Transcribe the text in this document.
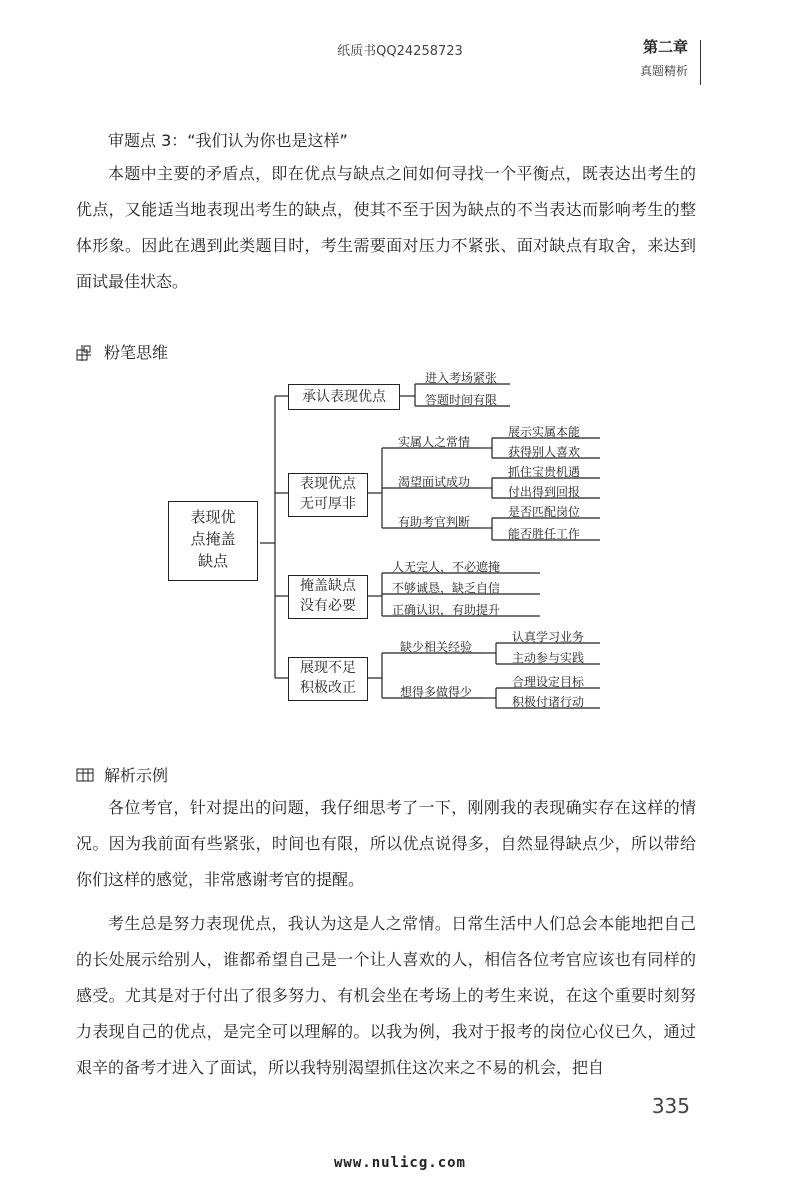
纸质书QQ24258723	第二章
真题精析
审题点 3：“我们认为你也是这样”

本题中主要的矛盾点，即在优点与缺点之间如何寻找一个平衡点，既表达出考生的优点，又能适当地表现出考生的缺点，使其不至于因为缺点的不当表达而影响考生的整体形象。因此在遇到此类题目时，考生需要面对压力不紧张、面对缺点有取舍，来达到面试最佳状态。

粉笔思维
表现优
点掩盖
缺点
承认表现优点
进入考场紧张
答题时间有限
表现优点
无可厚非
实属人之常情
渴望面试成功
有助考官判断
展示实属本能
获得别人喜欢
抓住宝贵机遇
付出得到回报
是否匹配岗位
能否胜任工作
掩盖缺点
没有必要
人无完人，不必遮掩
不够诚恳，缺乏自信
正确认识，有助提升
展现不足
积极改正
缺少相关经验
想得多做得少
认真学习业务
主动参与实践
合理设定目标
积极付诸行动
解析示例

各位考官，针对提出的问题，我仔细思考了一下，刚刚我的表现确实存在这样的情况。因为我前面有些紧张，时间也有限，所以优点说得多，自然显得缺点少，所以带给你们这样的感觉，非常感谢考官的提醒。

考生总是努力表现优点，我认为这是人之常情。日常生活中人们总会本能地把自己的长处展示给别人，谁都希望自己是一个让人喜欢的人，相信各位考官应该也有同样的感受。尤其是对于付出了很多努力、有机会坐在考场上的考生来说，在这个重要时刻努力表现自己的优点，是完全可以理解的。以我为例，我对于报考的岗位心仪已久，通过艰辛的备考才进入了面试，所以我特别渴望抓住这次来之不易的机会，把自

335
www.nulicg.com
